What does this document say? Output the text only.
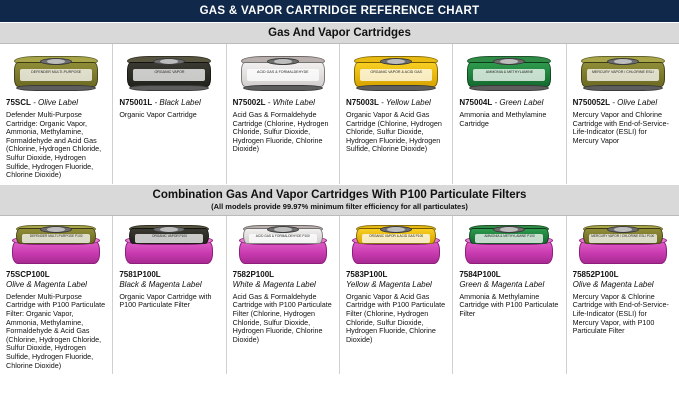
GAS & VAPOR CARTRIDGE REFERENCE CHART
Gas And Vapor Cartridges
DEFENDER MULTI-PURPOSE
75SCL - Olive Label
Defender Multi-Purpose Cartridge: Organic Vapor, Ammonia, Methylamine, Formaldehyde and Acid Gas (Chlorine, Hydrogen Chloride, Sulfur Dioxide, Hydrogen Sulfide, Hydrogen Fluoride, Chlorine Dioxide)
ORGANIC VAPOR
N75001L - Black Label
Organic Vapor Cartridge
ACID GAS & FORMALDEHYDE
N75002L - White Label
Acid Gas & Formaldehyde Cartridge (Chlorine, Hydrogen Chloride, Sulfur Dioxide, Hydrogen Fluoride, Chlorine Dioxide)
ORGANIC VAPOR & ACID GAS
N75003L - Yellow Label
Organic Vapor & Acid Gas Cartridge (Chlorine, Hydrogen Chloride, Sulfur Dioxide, Hydrogen Fluoride, Hydrogen Sulfide, Chlorine Dioxide)
AMMONIA & METHYLAMINE
N75004L - Green Label
Ammonia and Methylamine Cartridge
MERCURY VAPOR / CHLORINE ESLI
N750052L - Olive Label
Mercury Vapor and Chlorine Cartridge with End-of-Service-Life-Indicator (ESLI) for Mercury Vapor
Combination Gas And Vapor Cartridges With P100 Particulate Filters
(All models provide 99.97% minimum filter efficiency for all particulates)
DEFENDER MULTI-PURPOSE P100
75SCP100L
Olive & Magenta Label
Defender Multi-Purpose Cartridge with P100 Particulate Filter: Organic Vapor, Ammonia, Methylamine, Formaldehyde & Acid Gas (Chlorine, Hydrogen Chloride, Sulfur Dioxide, Hydrogen Sulfide, Hydrogen Fluoride, Chlorine Dioxide)
ORGANIC VAPOR P100
7581P100L
Black & Magenta Label
Organic Vapor Cartridge with P100 Particulate Filter
ACID GAS & FORMALDEHYDE P100
7582P100L
White & Magenta Label
Acid Gas & Formaldehyde Cartridge with P100 Particulate Filter (Chlorine, Hydrogen Chloride, Sulfur Dioxide, Hydrogen Fluoride, Chlorine Dioxide)
ORGANIC VAPOR & ACID GAS P100
7583P100L
Yellow & Magenta Label
Organic Vapor & Acid Gas Cartridge with P100 Particulate Filter (Chlorine, Hydrogen Chloride, Sulfur Dioxide, Hydrogen Fluoride, Chlorine Dioxide)
AMMONIA & METHYLAMINE P100
7584P100L
Green & Magenta Label
Ammonia & Methylamine Cartridge with P100 Particulate Filter
MERCURY VAPOR / CHLORINE ESLI P100
75852P100L
Olive & Magenta Label
Mercury Vapor & Chlorine Cartridge with End-of-Service-Life-Indicator (ESLI) for Mercury Vapor, with P100 Particulate Filter
